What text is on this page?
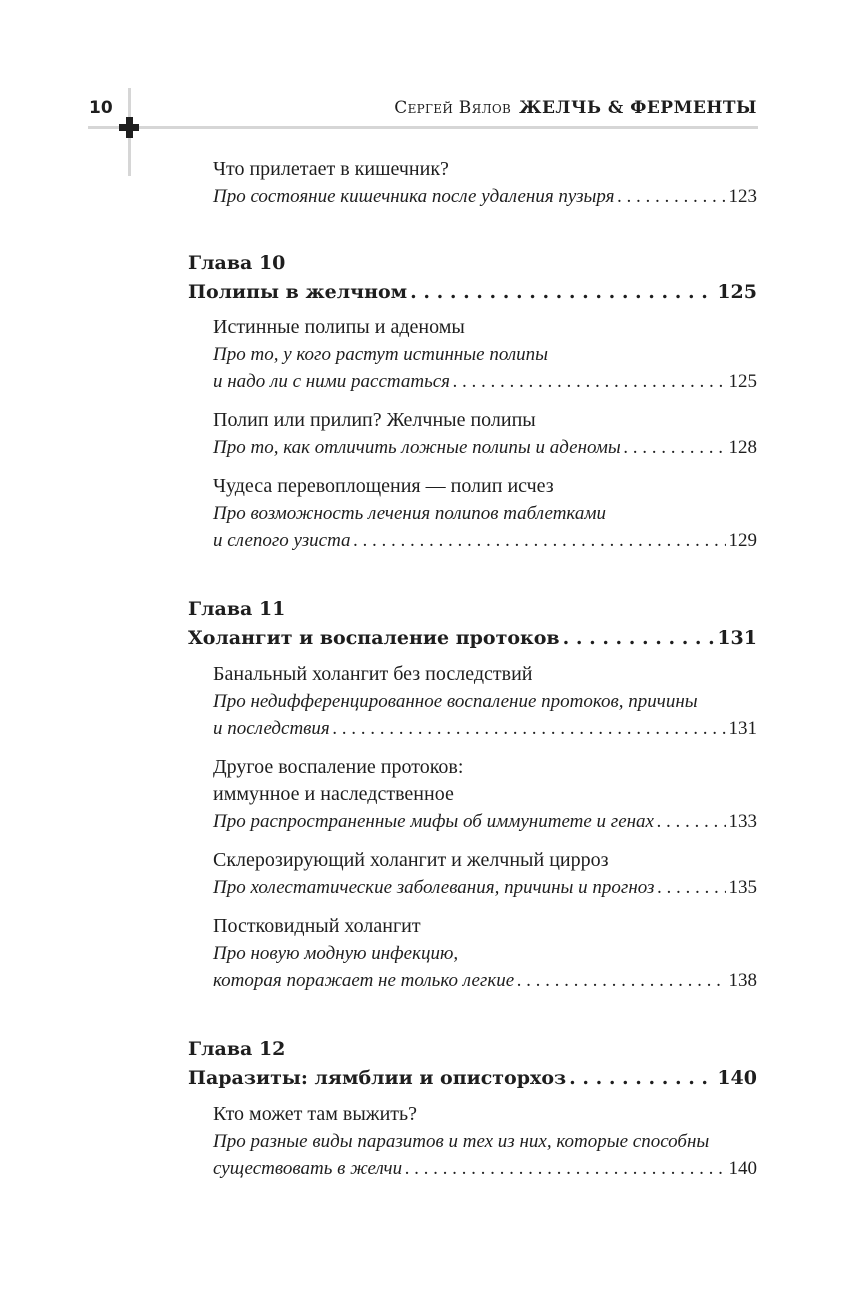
10	Сергей Вялов ЖЕЛЧЬ & ФЕРМЕНТЫ
Что прилетает в кишечник?
Про состояние кишечника после удаления пузыря . . .	123
Глава 10
Полипы в желчном . . .	125
Истинные полипы и аденомы
Про то, у кого растут истинные полипы
и надо ли с ними расстаться . . .	125
Полип или прилип? Желчные полипы
Про то, как отличить ложные полипы и аденомы . . .	128
Чудеса перевоплощения — полип исчез
Про возможность лечения полипов таблетками
и слепого узиста . . .	129
Глава 11
Холангит и воспаление протоков . . .	131
Банальный холангит без последствий
Про недифференцированное воспаление протоков, причины
и последствия . . .	131
Другое воспаление протоков:
иммунное и наследственное
Про распространенные мифы об иммунитете и генах . . .	133
Склерозирующий холангит и желчный цирроз
Про холестатические заболевания, причины и прогноз . . .	135
Постковидный холангит
Про новую модную инфекцию,
которая поражает не только легкие . . .	138
Глава 12
Паразиты: лямблии и описторхоз . . .	140
Кто может там выжить?
Про разные виды паразитов и тех из них, которые способны
существовать в желчи . . .	140
